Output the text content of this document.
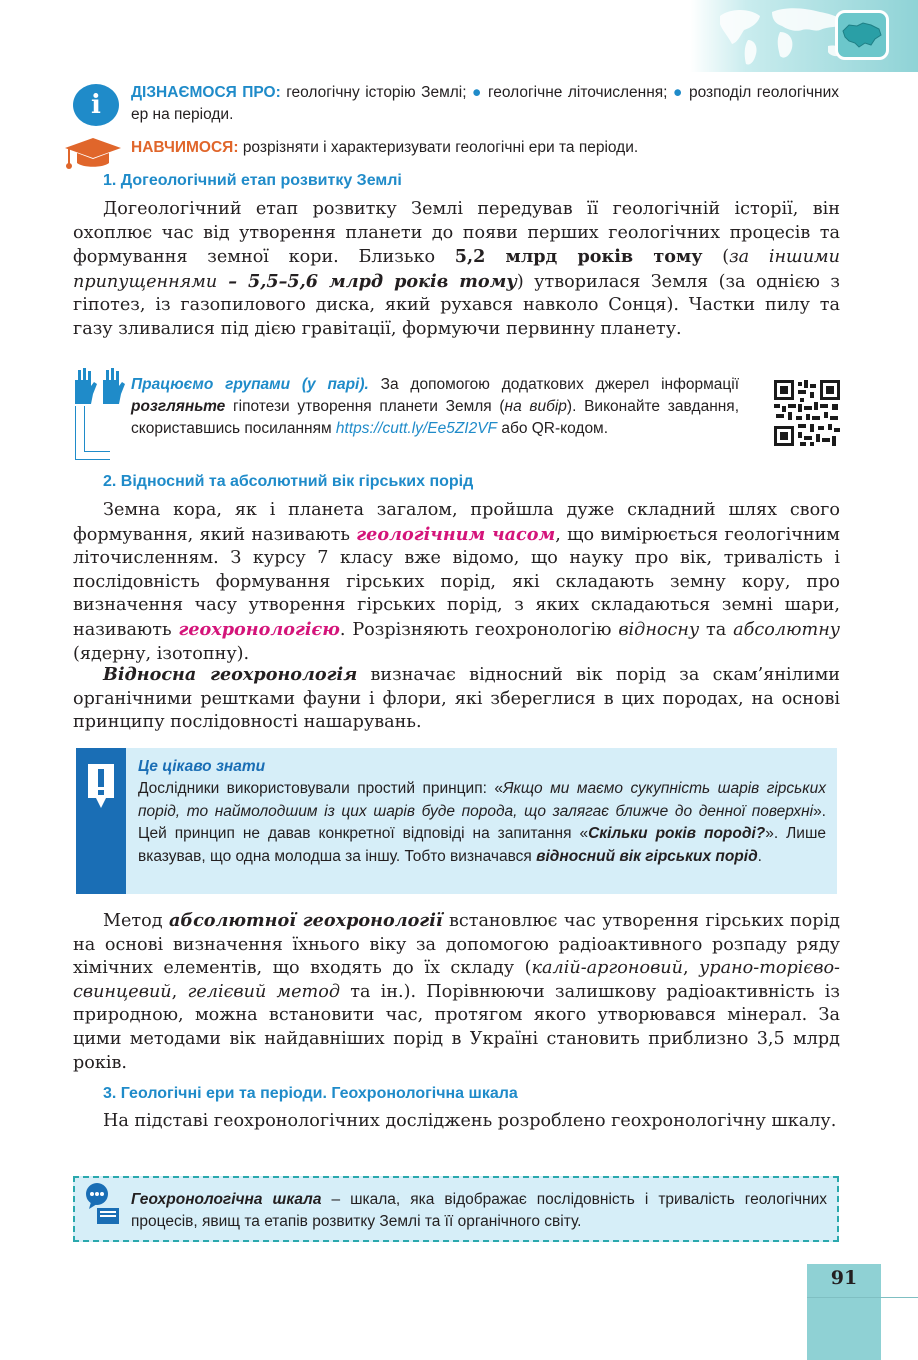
i	ДІЗНАЄМОСЯ ПРО: геологічну історію Землі; ● геологічне літочислення; ● розподіл геологічних ер на періоди.
НАВЧИМОСЯ: розрізняти і характеризувати геологічні ери та періоди.
1. Догеологічний етап розвитку Землі

Догеологічний етап розвитку Землі передував її геологічній історії, він охоплює час від утворення планети до появи перших геологічних процесів та формування земної кори. Близько 5,2 млрд років тому (за іншими припущеннями – 5,5–5,6 млрд років тому) утворилася Земля (за однією з гіпотез, із газопилового диска, який рухався навколо Сонця). Частки пилу та газу зливалися під дією гравітації, формуючи первинну планету.

Працюємо групами (у парі). За допомогою додаткових джерел інформації розгляньте гіпотези утворення планети Земля (на вибір). Виконайте завдання, скориставшись посиланням https://cutt.ly/Ee5ZI2VF або QR-кодом.
2. Відносний та абсолютний вік гірських порід

Земна кора, як і планета загалом, пройшла дуже складний шлях свого формування, який називають геологічним часом, що вимірюється геологічним літочисленням. З курсу 7 класу вже відомо, що науку про вік, тривалість і послідовність формування гірських порід, які складають земну кору, про визначення часу утворення гірських порід, з яких складаються земні шари, називають геохронологією. Розрізняють геохронологію відносну та абсолютну (ядерну, ізотопну).

Відносна геохронологія визначає відносний вік порід за скам’янілими органічними рештками фауни і флори, які збереглися в цих породах, на основі принципу послідовності нашарувань.

Це цікаво знати
Дослідники використовували простий принцип: «Якщо ми маємо сукупність шарів гірських порід, то наймолодшим із цих шарів буде порода, що залягає ближче до денної поверхні». Цей принцип не давав конкретної відповіді на запитання «Скільки років породі?». Лише вказував, що одна молодша за іншу. Тобто визначався відносний вік гірських порід.

Метод абсолютної геохронології встановлює час утворення гірських порід на основі визначення їхнього віку за допомогою радіоактивного розпаду ряду хімічних елементів, що входять до їх складу (калій-аргоновий, урано-торієво-свинцевий, гелієвий метод та ін.). Порівнюючи залишкову радіоактивність із природною, можна встановити час, протягом якого утворювався мінерал. За цими методами вік найдавніших порід в Україні становить приблизно 3,5 млрд років.

3. Геологічні ери та періоди. Геохронологічна шкала

На підставі геохронологічних досліджень розроблено геохронологічну шкалу.

Геохронологічна шкала – шкала, яка відображає послідовність і тривалість геологічних процесів, явищ та етапів розвитку Землі та її органічного світу.
91
